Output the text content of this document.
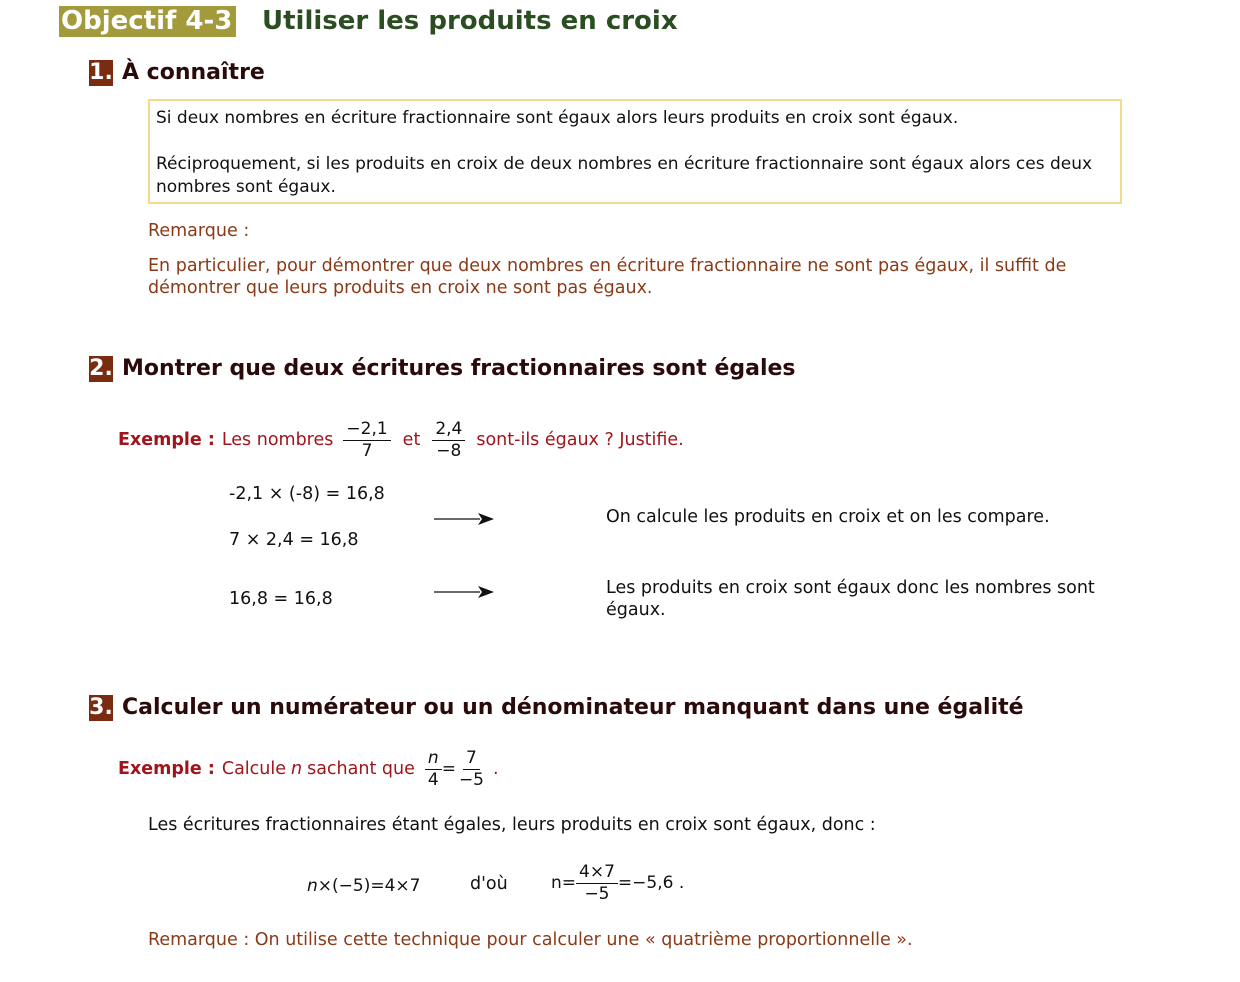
Objectif 4-3 Utiliser les produits en croix
1. À connaître

Si deux nombres en écriture fractionnaire sont égaux alors leurs produits en croix sont égaux.

Réciproquement, si les produits en croix de deux nombres en écriture fractionnaire sont égaux alors ces deux nombres sont égaux.

Remarque :
En particulier, pour démontrer que deux nombres en écriture fractionnaire ne sont pas égaux, il suffit de démontrer que leurs produits en croix ne sont pas égaux.
2. Montrer que deux écritures fractionnaires sont égales
Exemple : Les nombres $\frac{-2,1}{7}$ et $\frac{2,4}{-8}$ sont-ils égaux ? Justifie.
-2,1 × (-8) = 16,8
7 × 2,4 = 16,8
16,8 = 16,8
On calcule les produits en croix et on les compare.
Les produits en croix sont égaux donc les nombres sont égaux.
3. Calculer un numérateur ou un dénominateur manquant dans une égalité
Exemple : Calcule n sachant que $\frac{n}{4} = \frac{7}{-5}$ .
Les écritures fractionnaires étant égales, leurs produits en croix sont égaux, donc :
n×(−5)=4×7	d'où	$n= \frac{4\times 7}{-5} =-5,6$ .
Remarque : On utilise cette technique pour calculer une « quatrième proportionnelle ».
